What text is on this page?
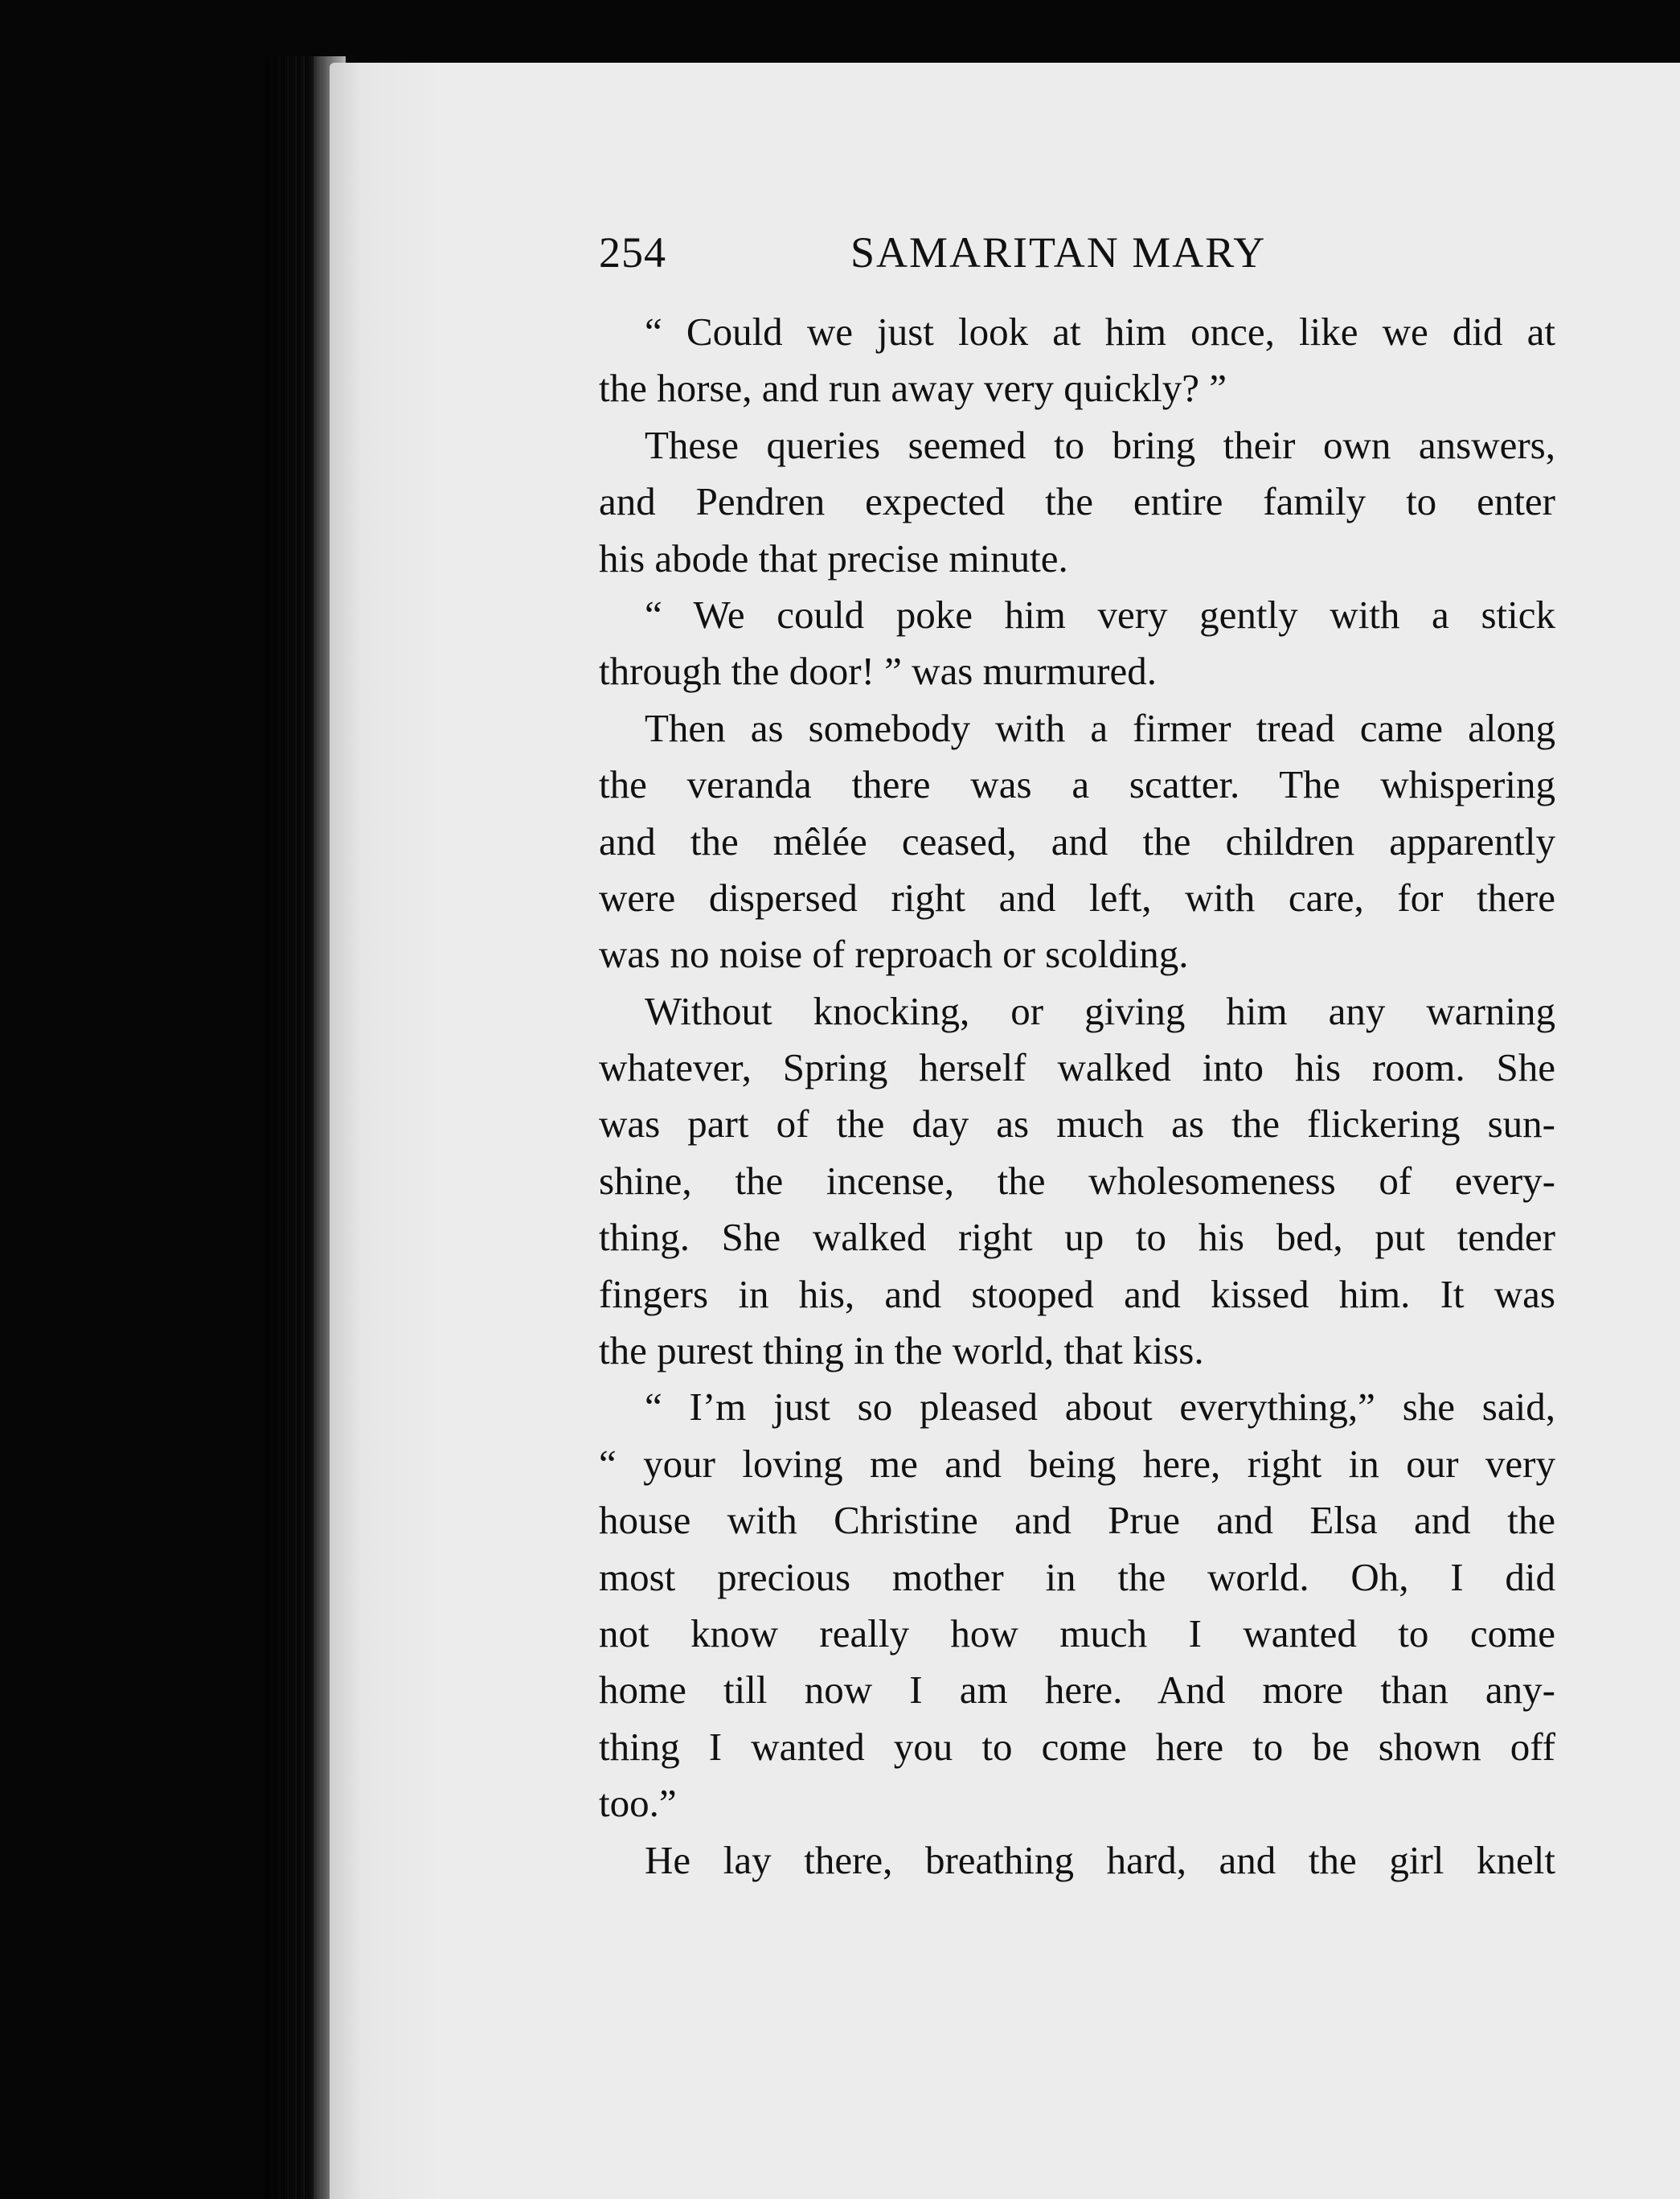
254	SAMARITAN MARY
“ Could we just look at him once, like we did at
the horse, and run away very quickly? ”
These queries seemed to bring their own answers,
and Pendren expected the entire family to enter
his abode that precise minute.
“ We could poke him very gently with a stick
through the door! ” was murmured.
Then as somebody with a firmer tread came along
the veranda there was a scatter. The whispering
and the mêlée ceased, and the children apparently
were dispersed right and left, with care, for there
was no noise of reproach or scolding.
Without knocking, or giving him any warning
whatever, Spring herself walked into his room. She
was part of the day as much as the flickering sun-
shine, the incense, the wholesomeness of every-
thing. She walked right up to his bed, put tender
fingers in his, and stooped and kissed him. It was
the purest thing in the world, that kiss.
“ I’m just so pleased about everything,” she said,
“ your loving me and being here, right in our very
house with Christine and Prue and Elsa and the
most precious mother in the world. Oh, I did
not know really how much I wanted to come
home till now I am here. And more than any-
thing I wanted you to come here to be shown off
too.”
He lay there, breathing hard, and the girl knelt
